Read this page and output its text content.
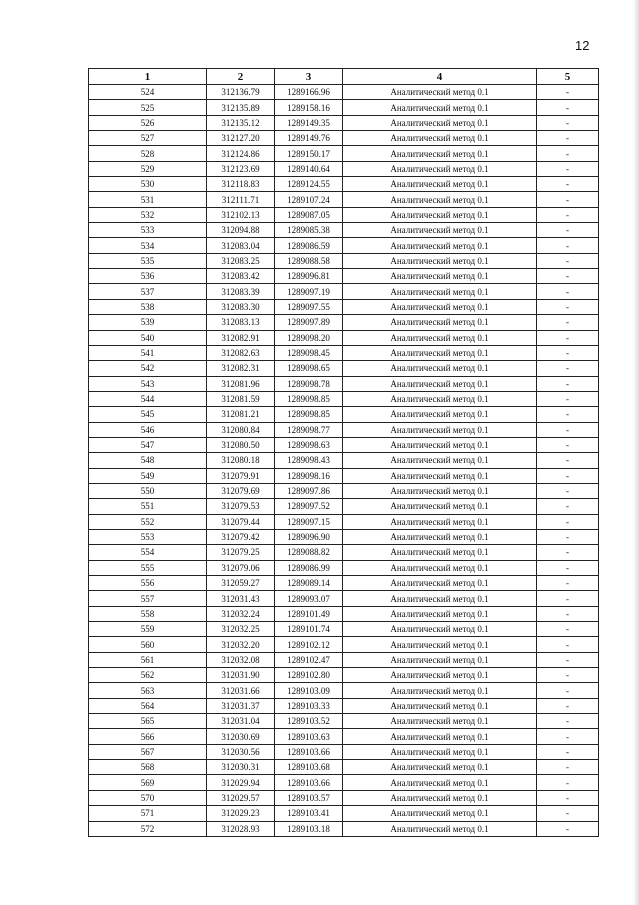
12
1	2	3	4	5
524	312136.79	1289166.96	Аналитический метод 0.1	-
525	312135.89	1289158.16	Аналитический метод 0.1	-
526	312135.12	1289149.35	Аналитический метод 0.1	-
527	312127.20	1289149.76	Аналитический метод 0.1	-
528	312124.86	1289150.17	Аналитический метод 0.1	-
529	312123.69	1289140.64	Аналитический метод 0.1	-
530	312118.83	1289124.55	Аналитический метод 0.1	-
531	312111.71	1289107.24	Аналитический метод 0.1	-
532	312102.13	1289087.05	Аналитический метод 0.1	-
533	312094.88	1289085.38	Аналитический метод 0.1	-
534	312083.04	1289086.59	Аналитический метод 0.1	-
535	312083.25	1289088.58	Аналитический метод 0.1	-
536	312083.42	1289096.81	Аналитический метод 0.1	-
537	312083.39	1289097.19	Аналитический метод 0.1	-
538	312083.30	1289097.55	Аналитический метод 0.1	-
539	312083.13	1289097.89	Аналитический метод 0.1	-
540	312082.91	1289098.20	Аналитический метод 0.1	-
541	312082.63	1289098.45	Аналитический метод 0.1	-
542	312082.31	1289098.65	Аналитический метод 0.1	-
543	312081.96	1289098.78	Аналитический метод 0.1	-
544	312081.59	1289098.85	Аналитический метод 0.1	-
545	312081.21	1289098.85	Аналитический метод 0.1	-
546	312080.84	1289098.77	Аналитический метод 0.1	-
547	312080.50	1289098.63	Аналитический метод 0.1	-
548	312080.18	1289098.43	Аналитический метод 0.1	-
549	312079.91	1289098.16	Аналитический метод 0.1	-
550	312079.69	1289097.86	Аналитический метод 0.1	-
551	312079.53	1289097.52	Аналитический метод 0.1	-
552	312079.44	1289097.15	Аналитический метод 0.1	-
553	312079.42	1289096.90	Аналитический метод 0.1	-
554	312079.25	1289088.82	Аналитический метод 0.1	-
555	312079.06	1289086.99	Аналитический метод 0.1	-
556	312059.27	1289089.14	Аналитический метод 0.1	-
557	312031.43	1289093.07	Аналитический метод 0.1	-
558	312032.24	1289101.49	Аналитический метод 0.1	-
559	312032.25	1289101.74	Аналитический метод 0.1	-
560	312032.20	1289102.12	Аналитический метод 0.1	-
561	312032.08	1289102.47	Аналитический метод 0.1	-
562	312031.90	1289102.80	Аналитический метод 0.1	-
563	312031.66	1289103.09	Аналитический метод 0.1	-
564	312031.37	1289103.33	Аналитический метод 0.1	-
565	312031.04	1289103.52	Аналитический метод 0.1	-
566	312030.69	1289103.63	Аналитический метод 0.1	-
567	312030.56	1289103.66	Аналитический метод 0.1	-
568	312030.31	1289103.68	Аналитический метод 0.1	-
569	312029.94	1289103.66	Аналитический метод 0.1	-
570	312029.57	1289103.57	Аналитический метод 0.1	-
571	312029.23	1289103.41	Аналитический метод 0.1	-
572	312028.93	1289103.18	Аналитический метод 0.1	-
